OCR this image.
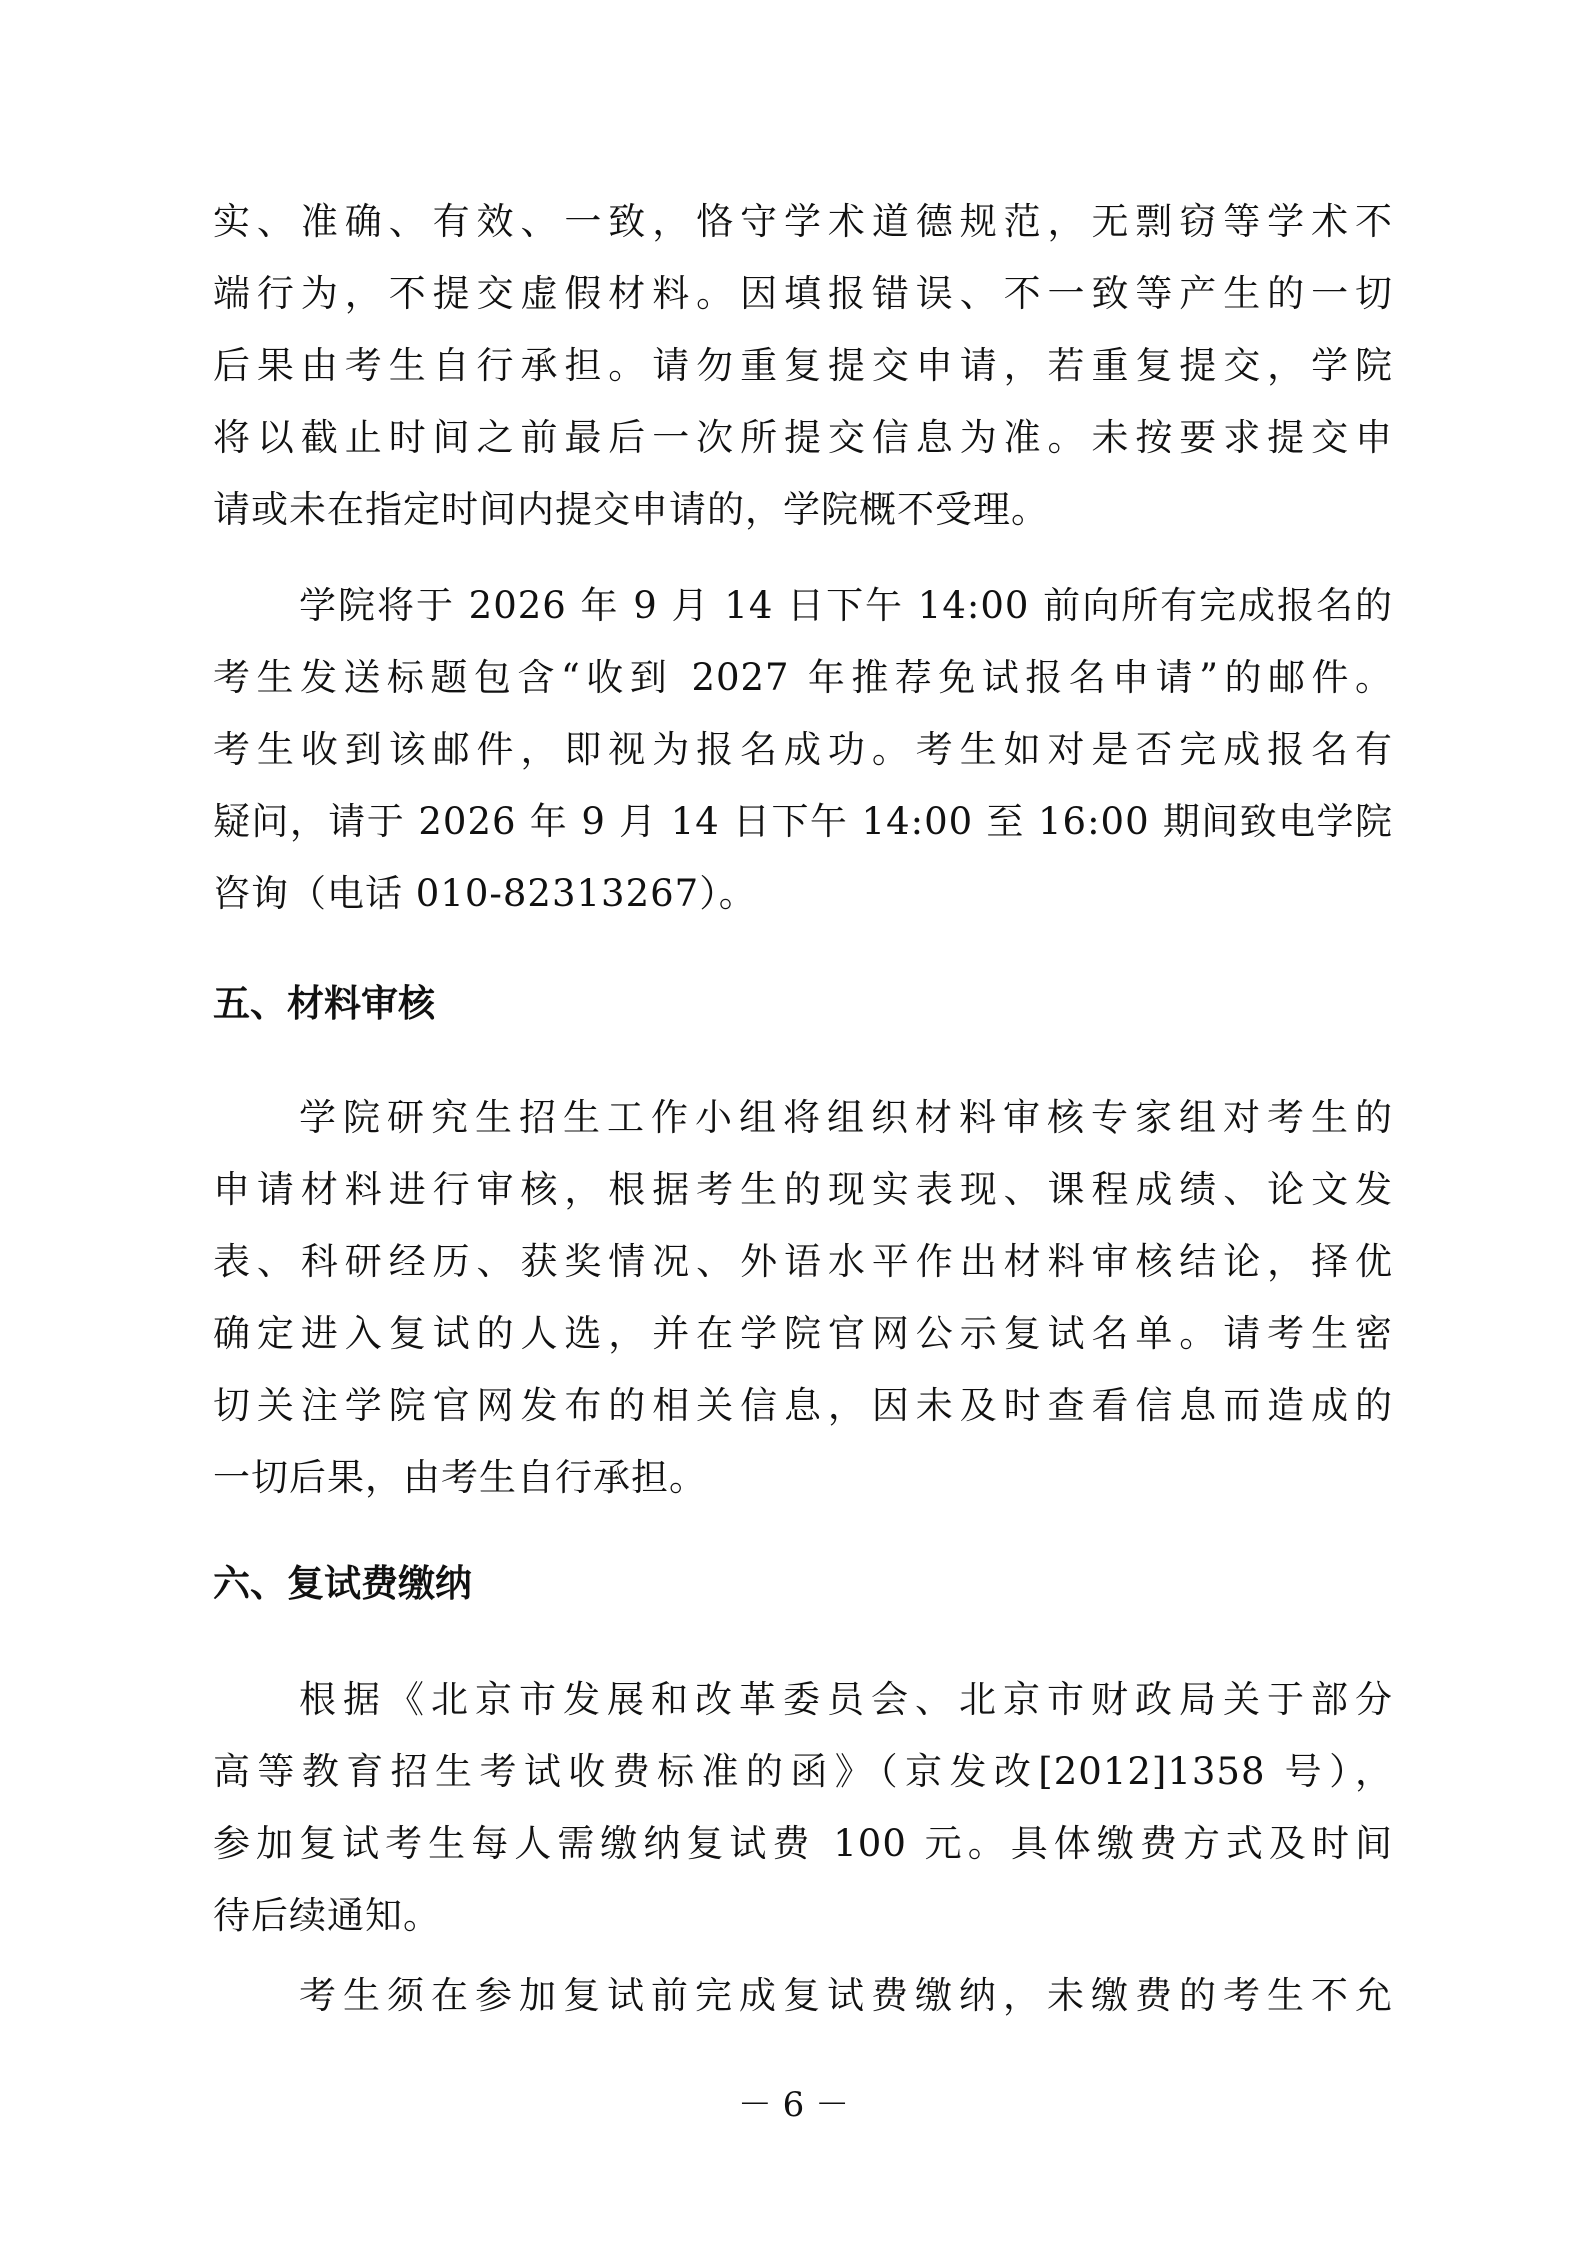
实、准确、有效、一致，恪守学术道德规范，无剽窃等学术不
端行为，不提交虚假材料。因填报错误、不一致等产生的一切
后果由考生自行承担。请勿重复提交申请，若重复提交，学院
将以截止时间之前最后一次所提交信息为准。未按要求提交申
请或未在指定时间内提交申请的，学院概不受理。
学院将于 2026 年 9 月 14 日下午 14:00 前向所有完成报名的
考生发送标题包含“收到 2027 年推荐免试报名申请”的邮件。
考生收到该邮件，即视为报名成功。考生如对是否完成报名有
疑问，请于 2026 年 9 月 14 日下午 14:00 至 16:00 期间致电学院
咨询（电话 010-82313267）。
五、材料审核
学院研究生招生工作小组将组织材料审核专家组对考生的
申请材料进行审核，根据考生的现实表现、课程成绩、论文发
表、科研经历、获奖情况、外语水平作出材料审核结论，择优
确定进入复试的人选，并在学院官网公示复试名单。请考生密
切关注学院官网发布的相关信息，因未及时查看信息而造成的
一切后果，由考生自行承担。
六、复试费缴纳
根据《北京市发展和改革委员会、北京市财政局关于部分
高等教育招生考试收费标准的函》（京发改[2012]1358 号），
参加复试考生每人需缴纳复试费 100 元。具体缴费方式及时间
待后续通知。
考生须在参加复试前完成复试费缴纳，未缴费的考生不允
－ 6 －
